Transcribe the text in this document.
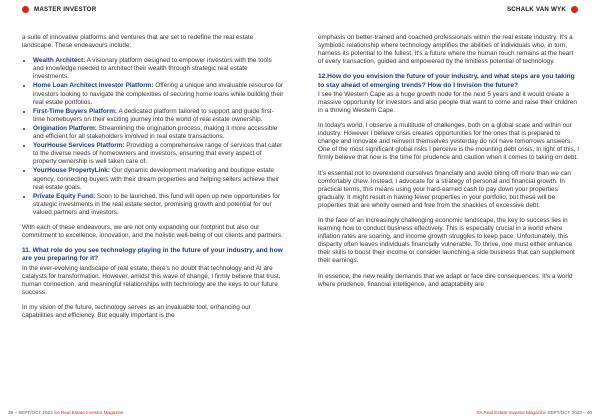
MASTER INVESTOR	SCHALK VAN WYK

a suite of innovative platforms and ventures that are set to redefine the real estate landscape. These endeavours include:

• Wealth Architect: A visionary platform designed to empower investors with the tools and knowledge needed to architect their wealth through strategic real estate investments.
• Home Loan Architect Investor Platform: Offering a unique and invaluable resource for investors looking to navigate the complexities of securing home loans while building their real estate portfolios.
• First-Time Buyers Platform: A dedicated platform tailored to support and guide first-time homebuyers on their exciting journey into the world of real estate ownership.
• Origination Platform: Streamlining the origination process, making it more accessible and efficient for all stakeholders involved in real estate transactions.
• YourHouse Services Platform: Providing a comprehensive range of services that cater to the diverse needs of homeowners and investors, ensuring that every aspect of property ownership is well taken care of.
• YourHouse PropertyLink: Our dynamic development marketing and boutique estate agency, connecting buyers with their dream properties and helping sellers achieve their real estate goals.
• Private Equity Fund: Soon to be launched, this fund will open up new opportunities for strategic investments in the real estate sector, promising growth and potential for our valued partners and investors.

With each of these endeavours, we are not only expanding our footprint but also our commitment to excellence, innovation, and the holistic well-being of our clients and partners.

11. What role do you see technology playing in the future of your industry, and how are you preparing for it?

In the ever-evolving landscape of real estate, there's no doubt that technology and AI are catalysts for transformation. However, amidst this wave of change, I firmly believe that trust, human connection, and meaningful relationships with technology are the keys to our future success.

In my vision of the future, technology serves as an invaluable tool, enhancing our capabilities and efficiency. But equally important is the

emphasis on better-trained and coached professionals within the real estate industry. It's a symbiotic relationship where technology amplifies the abilities of individuals who, in turn, harness its potential to the fullest. It's a future where the human touch remains at the heart of every transaction, guided and empowered by the limitless potential of technology.

12.How do you envision the future of your industry, and what steps are you taking to stay ahead of emerging trends? How do I Invision the future?

I see the Western Cape as a huge growth node for the next 5 years and it would create a massive opportunity for investors and also people that want to come and raise their children in a thriving Western Cape.

In today's world, I observe a multitude of challenges, both on a global scale and within our industry. However I believe crisis creates opportunities for the ones that is prepared to change and innovate and reinvent themselves yesterday do not have tomorrows answers. One of the most significant global risks I perceive is the mounting debt crisis. In light of this, I firmly believe that now is the time for prudence and caution when it comes to taking on debt.

It's essential not to overextend ourselves financially and avoid biting off more than we can comfortably chew. Instead, I advocate for a strategy of personal and financial growth. In practical terms, this means using your hard-earned cash to pay down your properties gradually. It might result in having fewer properties in your portfolio, but these will be properties that are wholly owned and free from the shackles of excessive debt.

In the face of an increasingly challenging economic landscape, the key to success lies in learning how to conduct business effectively. This is especially crucial in a world where inflation rates are soaring, and income growth struggles to keep pace. Unfortunately, this disparity often leaves individuals financially vulnerable. To thrive, one must either enhance their skills to boost their income or consider launching a side business that can supplement their earnings.

In essence, the new reality demands that we adapt or face dire consequences. It's a world where prudence, financial intelligence, and adaptability are

39 – SEPT/OCT 2023 SA Real Estate Investor Magazine	SA Real Estate Investor Magazine SEPT/OCT 2023 – 40
